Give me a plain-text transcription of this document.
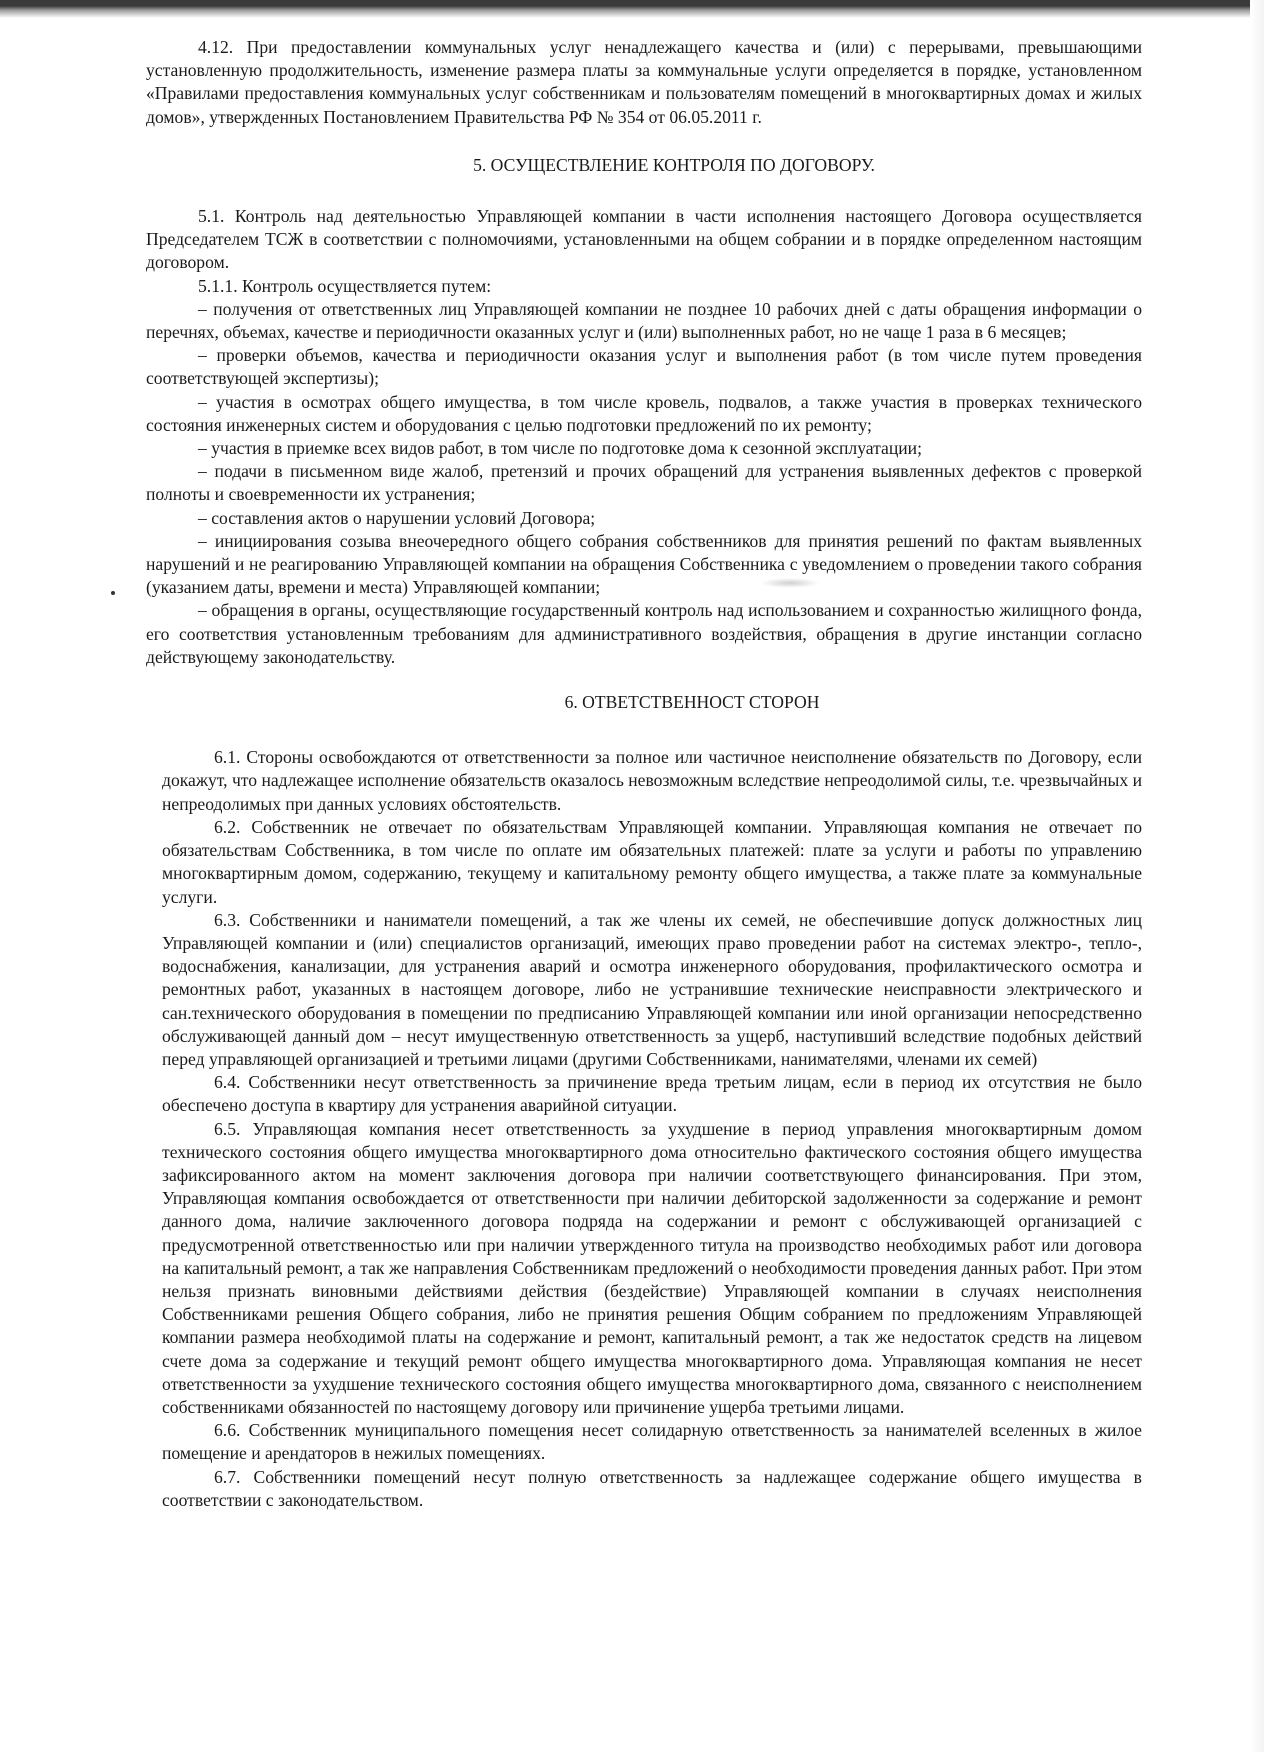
4.12. При предоставлении коммунальных услуг ненадлежащего качества и (или) с перерывами, превышающими установленную продолжительность, изменение размера платы за коммунальные услуги определяется в порядке, установленном «Правилами предоставления коммунальных услуг собственникам и пользователям помещений в многоквартирных домах и жилых домов», утвержденных Постановлением Правительства РФ № 354 от 06.05.2011 г.

5. ОСУЩЕСТВЛЕНИЕ КОНТРОЛЯ ПО ДОГОВОРУ.

5.1. Контроль над деятельностью Управляющей компании в части исполнения настоящего Договора осуществляется Председателем ТСЖ в соответствии с полномочиями, установленными на общем собрании и в порядке определенном настоящим договором.

5.1.1. Контроль осуществляется путем:

– получения от ответственных лиц Управляющей компании не позднее 10 рабочих дней с даты обращения информации о перечнях, объемах, качестве и периодичности оказанных услуг и (или) выполненных работ, но не чаще 1 раза в 6 месяцев;

– проверки объемов, качества и периодичности оказания услуг и выполнения работ (в том числе путем проведения соответствующей экспертизы);

– участия в осмотрах общего имущества, в том числе кровель, подвалов, а также участия в проверках технического состояния инженерных систем и оборудования с целью подготовки предложений по их ремонту;

– участия в приемке всех видов работ, в том числе по подготовке дома к сезонной эксплуатации;

– подачи в письменном виде жалоб, претензий и прочих обращений для устранения выявленных дефектов с проверкой полноты и своевременности их устранения;

– составления актов о нарушении условий Договора;

– инициирования созыва внеочередного общего собрания собственников для принятия решений по фактам выявленных нарушений и не реагированию Управляющей компании на обращения Собственника с уведомлением о проведении такого собрания (указанием даты, времени и места) Управляющей компании;

– обращения в органы, осуществляющие государственный контроль над использованием и сохранностью жилищного фонда, его соответствия установленным требованиям для административного воздействия, обращения в другие инстанции согласно действующему законодательству.

6. ОТВЕТСТВЕННОСТ СТОРОН

6.1. Стороны освобождаются от ответственности за полное или частичное неисполнение обязательств по Договору, если докажут, что надлежащее исполнение обязательств оказалось невозможным вследствие непреодолимой силы, т.е. чрезвычайных и непреодолимых при данных условиях обстоятельств.

6.2. Собственник не отвечает по обязательствам Управляющей компании. Управляющая компания не отвечает по обязательствам Собственника, в том числе по оплате им обязательных платежей: плате за услуги и работы по управлению многоквартирным домом, содержанию, текущему и капитальному ремонту общего имущества, а также плате за коммунальные услуги.

6.3. Собственники и наниматели помещений, а так же члены их семей, не обеспечившие допуск должностных лиц Управляющей компании и (или) специалистов организаций, имеющих право проведении работ на системах электро-, тепло-, водоснабжения, канализации, для устранения аварий и осмотра инженерного оборудования, профилактического осмотра и ремонтных работ, указанных в настоящем договоре, либо не устранившие технические неисправности электрического и сан.технического оборудования в помещении по предписанию Управляющей компании или иной организации непосредственно обслуживающей данный дом – несут имущественную ответственность за ущерб, наступивший вследствие подобных действий перед управляющей организацией и третьими лицами (другими Собственниками, нанимателями, членами их семей)

6.4. Собственники несут ответственность за причинение вреда третьим лицам, если в период их отсутствия не было обеспечено доступа в квартиру для устранения аварийной ситуации.

6.5. Управляющая компания несет ответственность за ухудшение в период управления многоквартирным домом технического состояния общего имущества многоквартирного дома относительно фактического состояния общего имущества зафиксированного актом на момент заключения договора при наличии соответствующего финансирования. При этом, Управляющая компания освобождается от ответственности при наличии дебиторской задолженности за содержание и ремонт данного дома, наличие заключенного договора подряда на содержании и ремонт с обслуживающей организацией с предусмотренной ответственностью или при наличии утвержденного титула на производство необходимых работ или договора на капитальный ремонт, а так же направления Собственникам предложений о необходимости проведения данных работ. При этом нельзя признать виновными действиями действия (бездействие) Управляющей компании в случаях неисполнения Собственниками решения Общего собрания, либо не принятия решения Общим собранием по предложениям Управляющей компании размера необходимой платы на содержание и ремонт, капитальный ремонт, а так же недостаток средств на лицевом счете дома за содержание и текущий ремонт общего имущества многоквартирного дома. Управляющая компания не несет ответственности за ухудшение технического состояния общего имущества многоквартирного дома, связанного с неисполнением собственниками обязанностей по настоящему договору или причинение ущерба третьими лицами.

6.6. Собственник муниципального помещения несет солидарную ответственность за нанимателей вселенных в жилое помещение и арендаторов в нежилых помещениях.

6.7. Собственники помещений несут полную ответственность за надлежащее содержание общего имущества в соответствии с законодательством.
